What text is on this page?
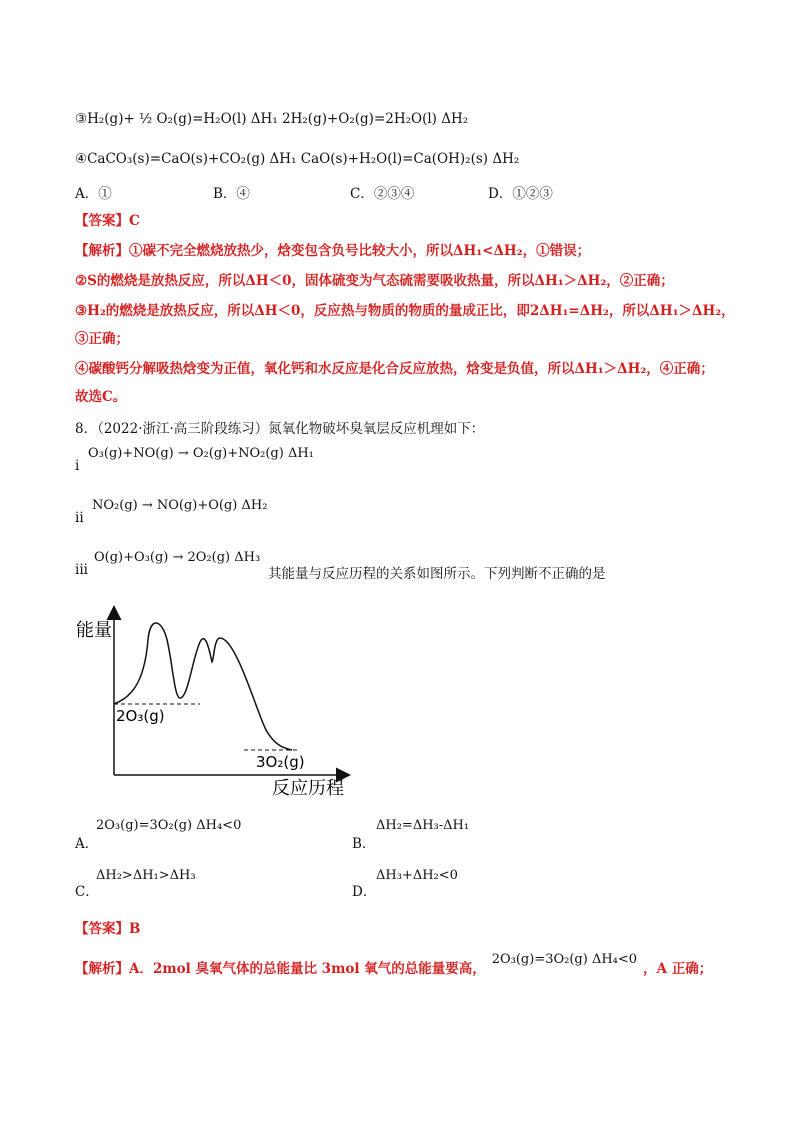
③H₂(g)+ ½ O₂(g)=H₂O(l) ΔH₁ 2H₂(g)+O₂(g)=2H₂O(l) ΔH₂
④CaCO₃(s)=CaO(s)+CO₂(g) ΔH₁ CaO(s)+H₂O(l)=Ca(OH)₂(s) ΔH₂
A．①	B．④	C．②③④	D．①②③
【答案】C
【解析】①碳不完全燃烧放热少，焓变包含负号比较大小，所以ΔH₁<ΔH₂，①错误；
②S的燃烧是放热反应，所以ΔH＜0，固体硫变为气态硫需要吸收热量，所以ΔH₁＞ΔH₂，②正确；
③H₂的燃烧是放热反应，所以ΔH＜0，反应热与物质的物质的量成正比，即2ΔH₁=ΔH₂，所以ΔH₁＞ΔH₂，
③正确；
④碳酸钙分解吸热焓变为正值，氧化钙和水反应是化合反应放热，焓变是负值，所以ΔH₁＞ΔH₂，④正确；
故选C。
8．（2022·浙江·高三阶段练习）氮氧化物破坏臭氧层反应机理如下：
i
O₃(g)+NO(g) → O₂(g)+NO₂(g) ΔH₁
ii
NO₂(g) → NO(g)+O(g) ΔH₂
iii
O(g)+O₃(g) → 2O₂(g) ΔH₃
其能量与反应历程的关系如图所示。下列判断不正确的是
能量
反应历程
2O₃(g)
3O₂(g)
A．
2O₃(g)=3O₂(g) ΔH₄<0
B．
ΔH₂=ΔH₃-ΔH₁
C．
ΔH₂>ΔH₁>ΔH₃
D．
ΔH₃+ΔH₂<0
【答案】B
【解析】A．2mol 臭氧气体的总能量比 3mol 氧气的总能量要高，2O₃(g)=3O₂(g) ΔH₄<0，A 正确；
